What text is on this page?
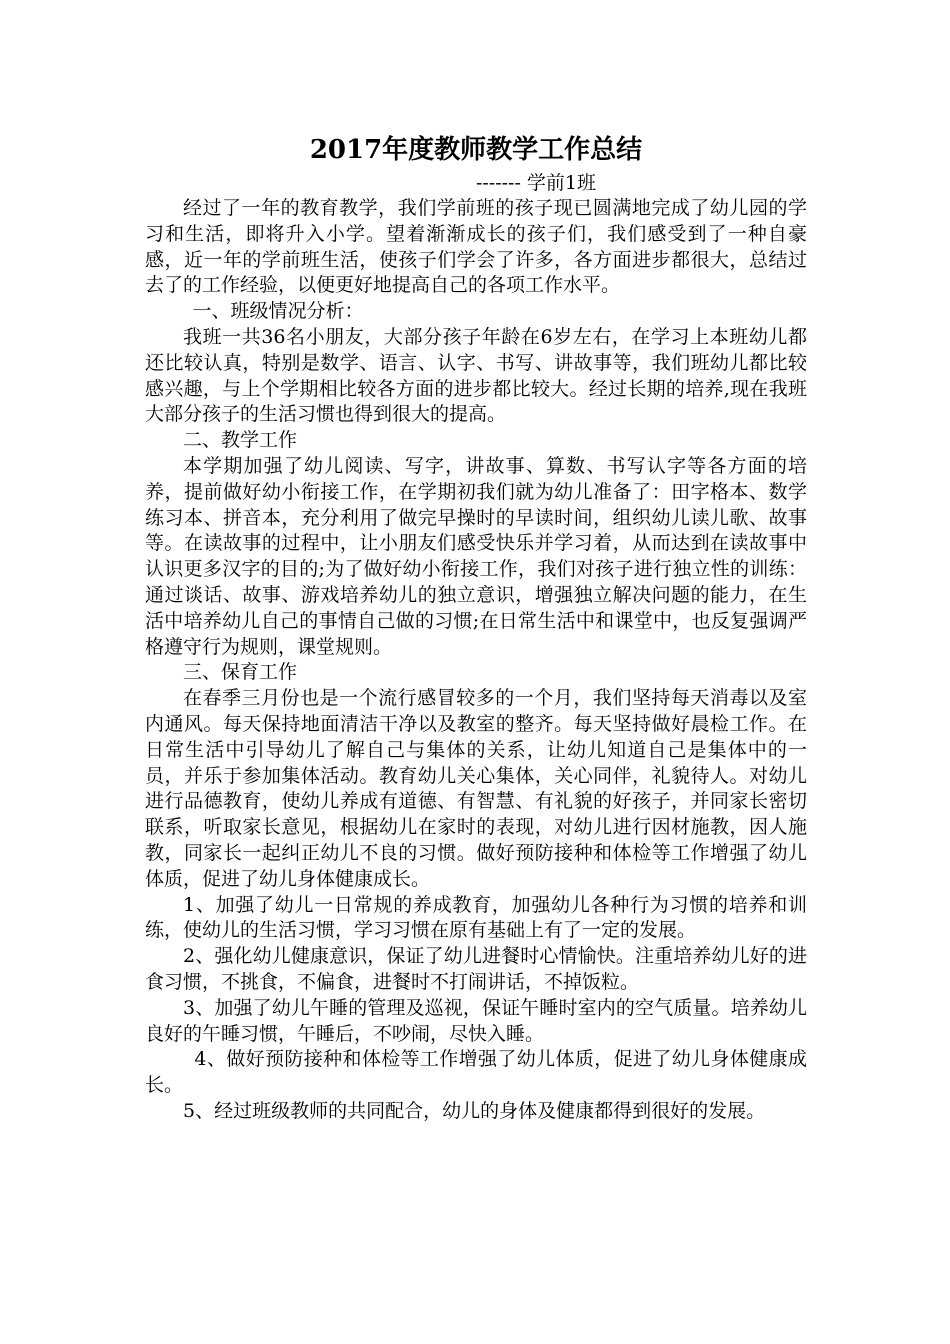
2017年度教师教学工作总结

------- 学前1班

经过了一年的教育教学，我们学前班的孩子现已圆满地完成了幼儿园的学习和生活，即将升入小学。望着渐渐成长的孩子们，我们感受到了一种自豪感，近一年的学前班生活，使孩子们学会了许多，各方面进步都很大，总结过去了的工作经验，以便更好地提高自己的各项工作水平。

一、班级情况分析：

我班一共36名小朋友，大部分孩子年龄在6岁左右，在学习上本班幼儿都还比较认真，特别是数学、语言、认字、书写、讲故事等，我们班幼儿都比较感兴趣，与上个学期相比较各方面的进步都比较大。经过长期的培养,现在我班大部分孩子的生活习惯也得到很大的提高。

二、教学工作

本学期加强了幼儿阅读、写字，讲故事、算数、书写认字等各方面的培养，提前做好幼小衔接工作，在学期初我们就为幼儿准备了：田字格本、数学练习本、拼音本，充分利用了做完早操时的早读时间，组织幼儿读儿歌、故事等。在读故事的过程中，让小朋友们感受快乐并学习着，从而达到在读故事中认识更多汉字的目的;为了做好幼小衔接工作，我们对孩子进行独立性的训练：通过谈话、故事、游戏培养幼儿的独立意识，增强独立解决问题的能力，在生活中培养幼儿自己的事情自己做的习惯;在日常生活中和课堂中，也反复强调严格遵守行为规则，课堂规则。

三、保育工作

在春季三月份也是一个流行感冒较多的一个月，我们坚持每天消毒以及室内通风。每天保持地面清洁干净以及教室的整齐。每天坚持做好晨检工作。在日常生活中引导幼儿了解自己与集体的关系，让幼儿知道自己是集体中的一员，并乐于参加集体活动。教育幼儿关心集体，关心同伴，礼貌待人。对幼儿进行品德教育，使幼儿养成有道德、有智慧、有礼貌的好孩子，并同家长密切联系，听取家长意见，根据幼儿在家时的表现，对幼儿进行因材施教，因人施教，同家长一起纠正幼儿不良的习惯。做好预防接种和体检等工作增强了幼儿体质，促进了幼儿身体健康成长。

1、加强了幼儿一日常规的养成教育，加强幼儿各种行为习惯的培养和训练，使幼儿的生活习惯，学习习惯在原有基础上有了一定的发展。

2、强化幼儿健康意识，保证了幼儿进餐时心情愉快。注重培养幼儿好的进食习惯，不挑食，不偏食，进餐时不打闹讲话，不掉饭粒。

3、加强了幼儿午睡的管理及巡视，保证午睡时室内的空气质量。培养幼儿良好的午睡习惯，午睡后，不吵闹，尽快入睡。

4、做好预防接种和体检等工作增强了幼儿体质，促进了幼儿身体健康成长。

5、经过班级教师的共同配合，幼儿的身体及健康都得到很好的发展。
